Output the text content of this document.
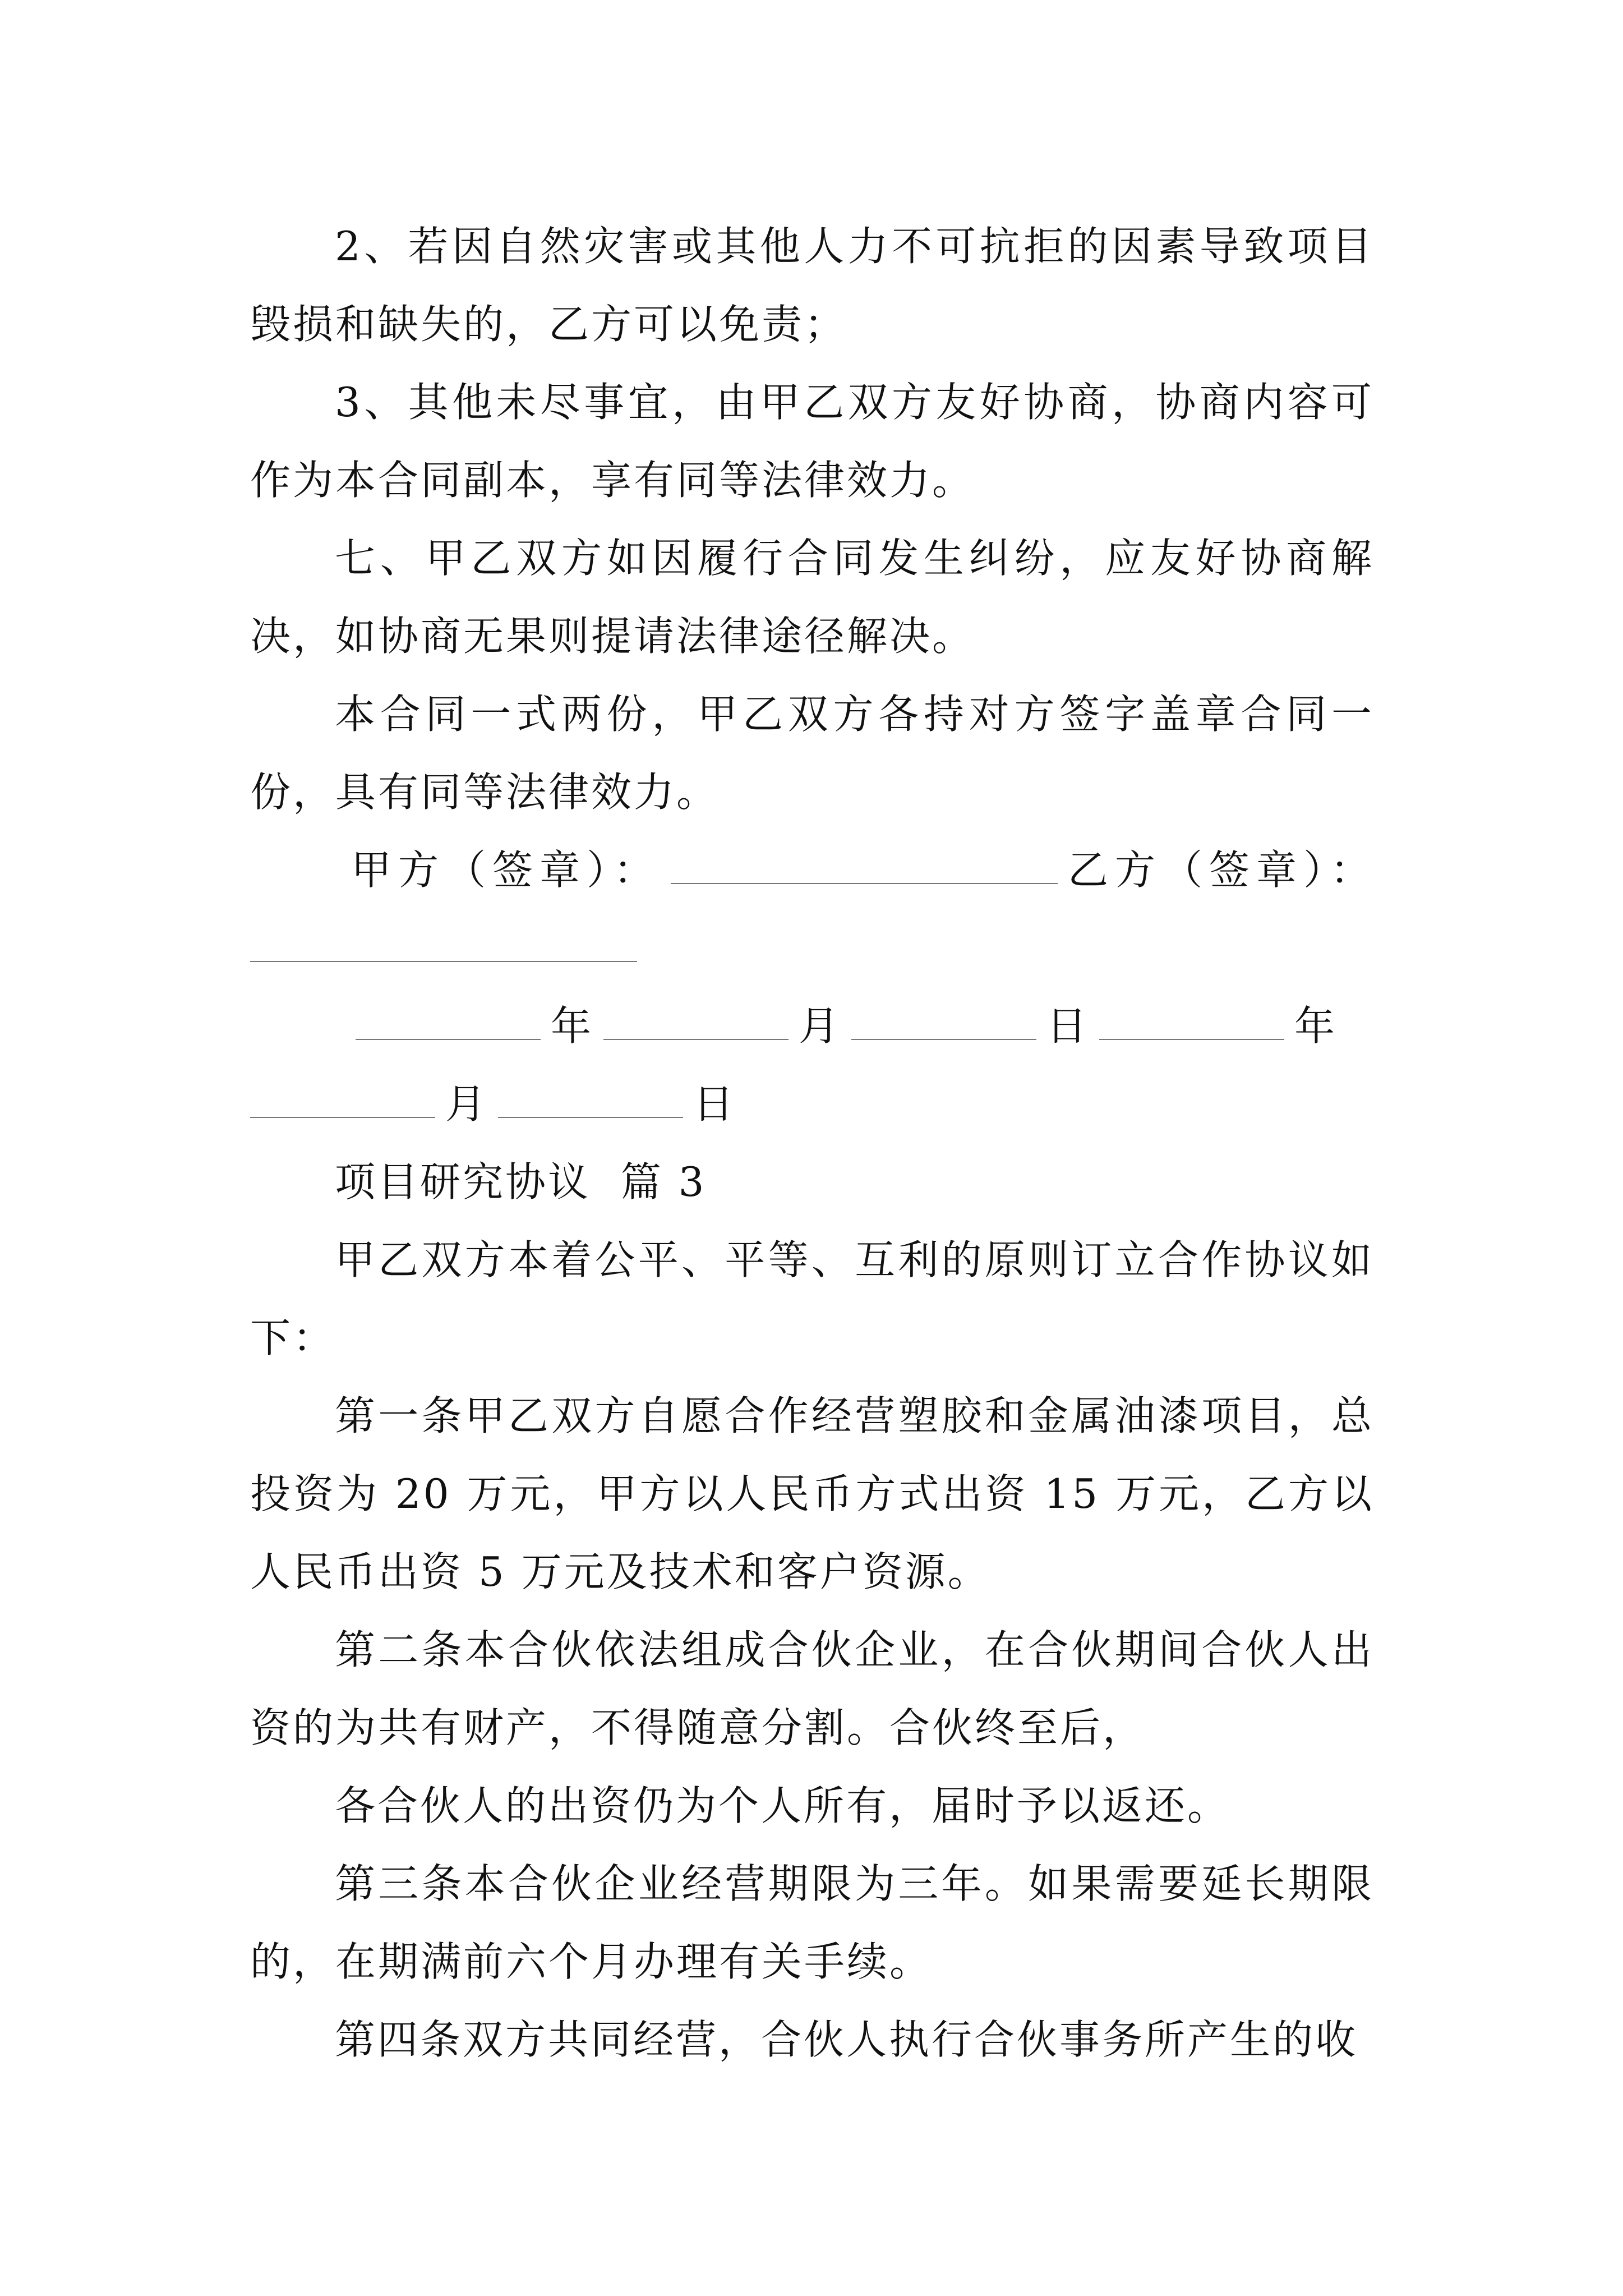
2、若因自然灾害或其他人力不可抗拒的因素导致项目毁损和缺失的，乙方可以免责；

3、其他未尽事宜，由甲乙双方友好协商，协商内容可作为本合同副本，享有同等法律效力。

七、甲乙双方如因履行合同发生纠纷，应友好协商解决，如协商无果则提请法律途径解决。

本合同一式两份，甲乙双方各持对方签字盖章合同一份，具有同等法律效力。

甲方（签章）：	乙方（签章）：
年	月	日	年
月	日

项目研究协议  篇 3

甲乙双方本着公平、平等、互利的原则订立合作协议如下：

第一条甲乙双方自愿合作经营塑胶和金属油漆项目，总投资为 20 万元，甲方以人民币方式出资 15 万元，乙方以人民币出资 5 万元及技术和客户资源。

第二条本合伙依法组成合伙企业，在合伙期间合伙人出资的为共有财产，不得随意分割。合伙终至后，

各合伙人的出资仍为个人所有，届时予以返还。

第三条本合伙企业经营期限为三年。如果需要延长期限的，在期满前六个月办理有关手续。

第四条双方共同经营，合伙人执行合伙事务所产生的收
